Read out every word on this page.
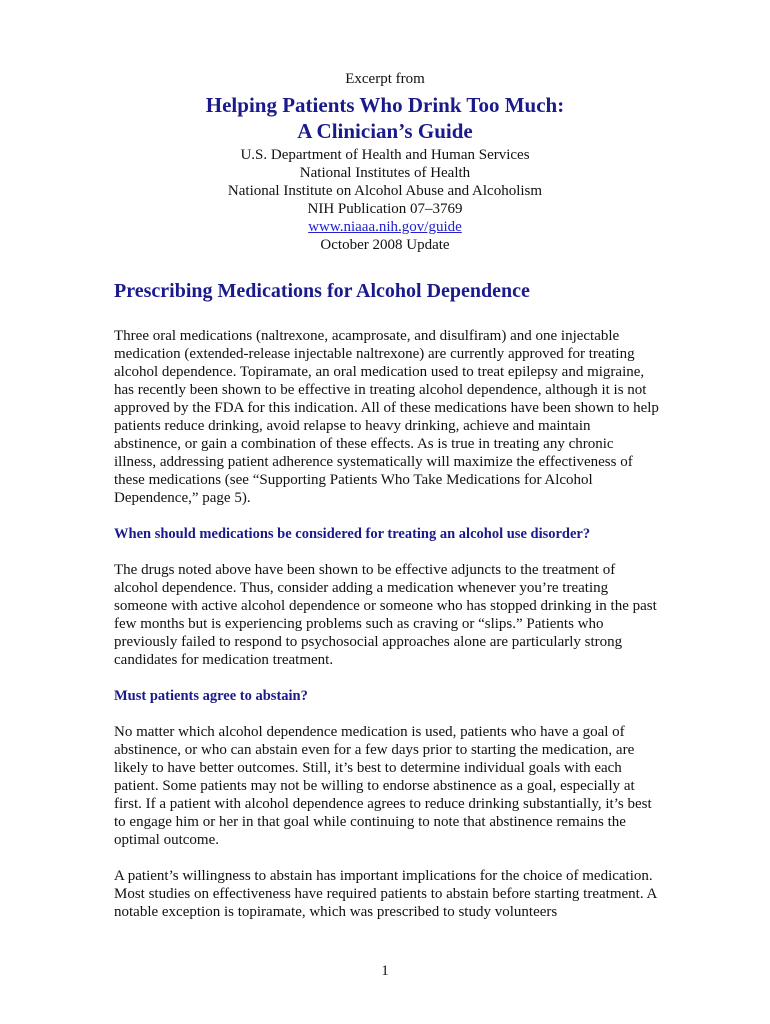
Excerpt from

Helping Patients Who Drink Too Much:
A Clinician’s Guide

U.S. Department of Health and Human Services

National Institutes of Health

National Institute on Alcohol Abuse and Alcoholism

NIH Publication 07–3769

www.niaaa.nih.gov/guide

October 2008 Update

Prescribing Medications for Alcohol Dependence

Three oral medications (naltrexone, acamprosate, and disulfiram) and one injectable medication (extended-release injectable naltrexone) are currently approved for treating alcohol dependence. Topiramate, an oral medication used to treat epilepsy and migraine, has recently been shown to be effective in treating alcohol dependence, although it is not approved by the FDA for this indication. All of these medications have been shown to help patients reduce drinking, avoid relapse to heavy drinking, achieve and maintain abstinence, or gain a combination of these effects. As is true in treating any chronic illness, addressing patient adherence systematically will maximize the effectiveness of these medications (see “Supporting Patients Who Take Medications for Alcohol Dependence,” page 5).

When should medications be considered for treating an alcohol use disorder?

The drugs noted above have been shown to be effective adjuncts to the treatment of alcohol dependence. Thus, consider adding a medication whenever you’re treating someone with active alcohol dependence or someone who has stopped drinking in the past few months but is experiencing problems such as craving or “slips.” Patients who previously failed to respond to psychosocial approaches alone are particularly strong candidates for medication treatment.

Must patients agree to abstain?

No matter which alcohol dependence medication is used, patients who have a goal of abstinence, or who can abstain even for a few days prior to starting the medication, are likely to have better outcomes. Still, it’s best to determine individual goals with each patient. Some patients may not be willing to endorse abstinence as a goal, especially at first. If a patient with alcohol dependence agrees to reduce drinking substantially, it’s best to engage him or her in that goal while continuing to note that abstinence remains the optimal outcome.

A patient’s willingness to abstain has important implications for the choice of medication. Most studies on effectiveness have required patients to abstain before starting treatment. A notable exception is topiramate, which was prescribed to study volunteers

1
